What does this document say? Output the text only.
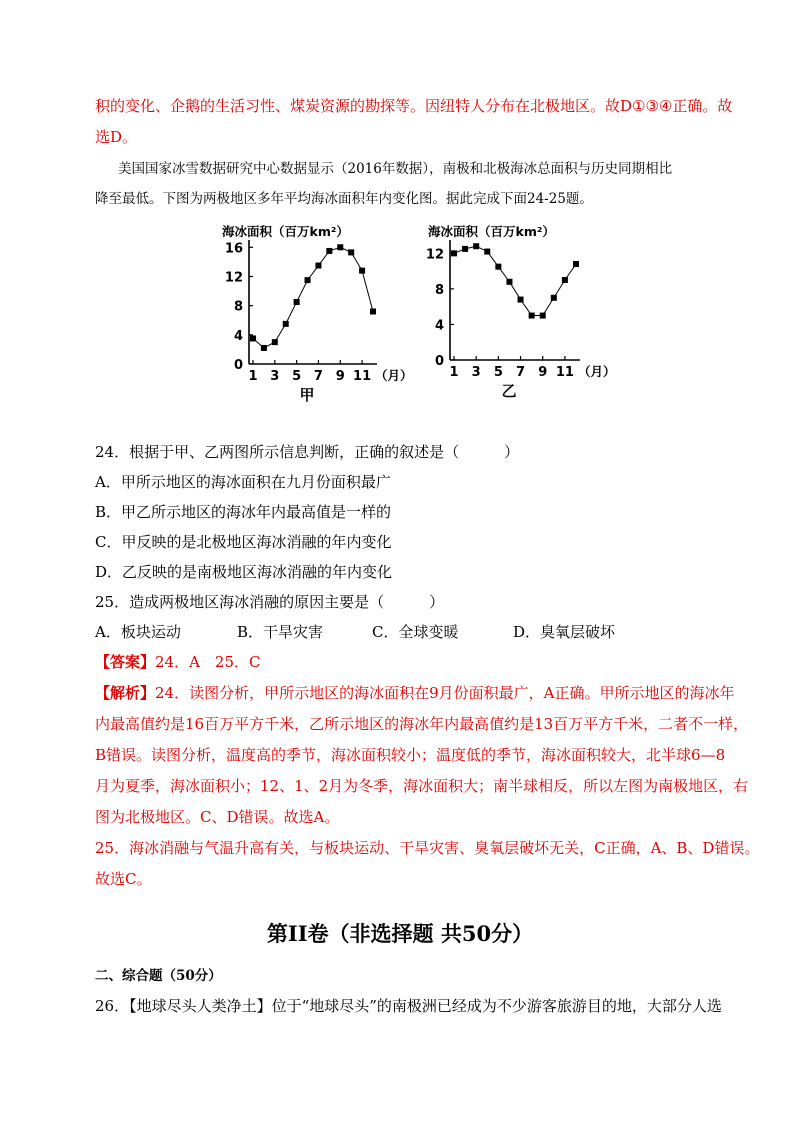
积的变化、企鹅的生活习性、煤炭资源的勘探等。因纽特人分布在北极地区。故D①③④正确。故
选D。
美国国家冰雪数据研究中心数据显示（2016年数据），南极和北极海冰总面积与历史同期相比
降至最低。下图为两极地区多年平均海冰面积年内变化图。据此完成下面24-25题。
海冰面积（百万km²）
0
4
8
12
16
1 3 5 7 9 11 （月）
甲
海冰面积（百万km²）
0
4
8
12
1 3 5 7 9 11 （月）
乙
24．根据于甲、乙两图所示信息判断，正确的叙述是（　　　）
A．甲所示地区的海冰面积在九月份面积最广
B．甲乙所示地区的海冰年内最高值是一样的
C．甲反映的是北极地区海冰消融的年内变化
D．乙反映的是南极地区海冰消融的年内变化
25．造成两极地区海冰消融的原因主要是（　　　）
A．板块运动	B．干旱灾害	C．全球变暖	D．臭氧层破坏
【答案】24．A　25．C
【解析】24．读图分析，甲所示地区的海冰面积在9月份面积最广，A正确。甲所示地区的海冰年
内最高值约是16百万平方千米，乙所示地区的海冰年内最高值约是13百万平方千米，二者不一样，
B错误。读图分析，温度高的季节，海冰面积较小；温度低的季节，海冰面积较大，北半球6—8
月为夏季，海冰面积小；12、1、2月为冬季，海冰面积大；南半球相反，所以左图为南极地区，右
图为北极地区。C、D错误。故选A。
25．海冰消融与气温升高有关，与板块运动、干旱灾害、臭氧层破坏无关，C正确，A、B、D错误。
故选C。
第II卷（非选择题 共50分）
二、综合题（50分）
26．【地球尽头人类净土】位于“地球尽头”的南极洲已经成为不少游客旅游目的地，大部分人选
